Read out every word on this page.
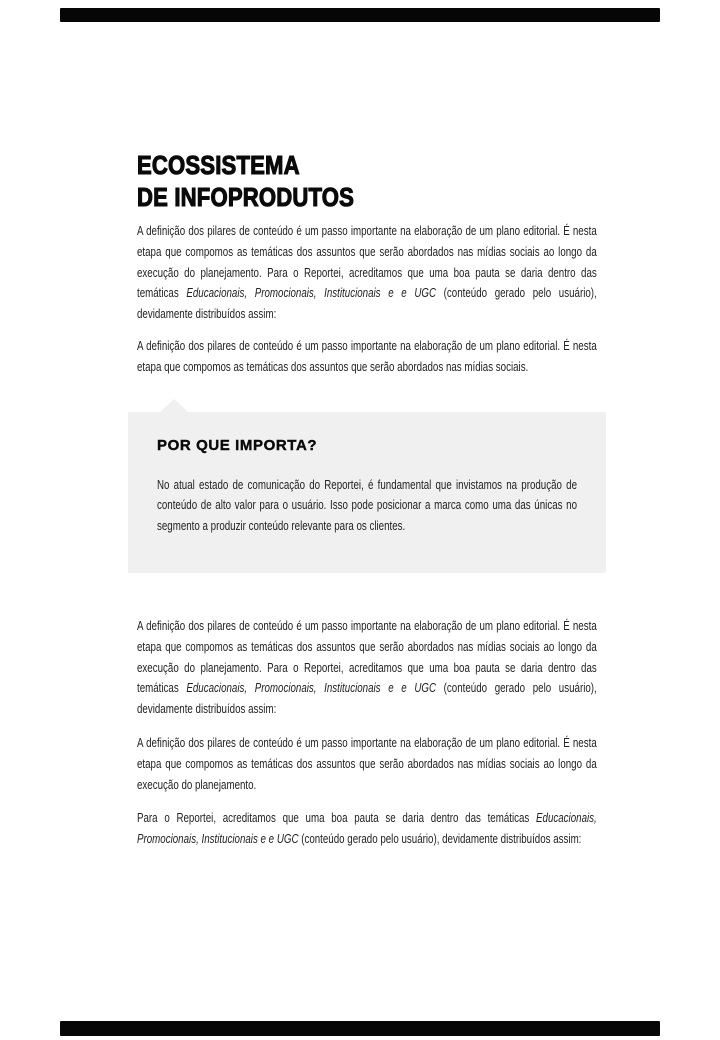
ECOSSISTEMA
DE INFOPRODUTOS

A definição dos pilares de conteúdo é um passo importante na elaboração de um plano editorial. É nesta etapa que compomos as temáticas dos assuntos que serão abordados nas mídias sociais ao longo da execução do planejamento. Para o Reportei, acreditamos que uma boa pauta se daria dentro das temáticas Educacionais, Promocionais, Institucionais e e UGC (conteúdo gerado pelo usuário), devidamente distribuídos assim:

A definição dos pilares de conteúdo é um passo importante na elaboração de um plano editorial. É nesta etapa que compomos as temáticas dos assuntos que serão abordados nas mídias sociais.

POR QUE IMPORTA?

No atual estado de comunicação do Reportei, é fundamental que invistamos na produção de conteúdo de alto valor para o usuário. Isso pode posicionar a marca como uma das únicas no segmento a produzir conteúdo relevante para os clientes.

A definição dos pilares de conteúdo é um passo importante na elaboração de um plano editorial. É nesta etapa que compomos as temáticas dos assuntos que serão abordados nas mídias sociais ao longo da execução do planejamento. Para o Reportei, acreditamos que uma boa pauta se daria dentro das temáticas Educacionais, Promocionais, Institucionais e e UGC (conteúdo gerado pelo usuário), devidamente distribuídos assim:

A definição dos pilares de conteúdo é um passo importante na elaboração de um plano editorial. É nesta etapa que compomos as temáticas dos assuntos que serão abordados nas mídias sociais ao longo da execução do planejamento.

Para o Reportei, acreditamos que uma boa pauta se daria dentro das temáticas Educacionais, Promocionais, Institucionais e e UGC (conteúdo gerado pelo usuário), devidamente distribuídos assim:
